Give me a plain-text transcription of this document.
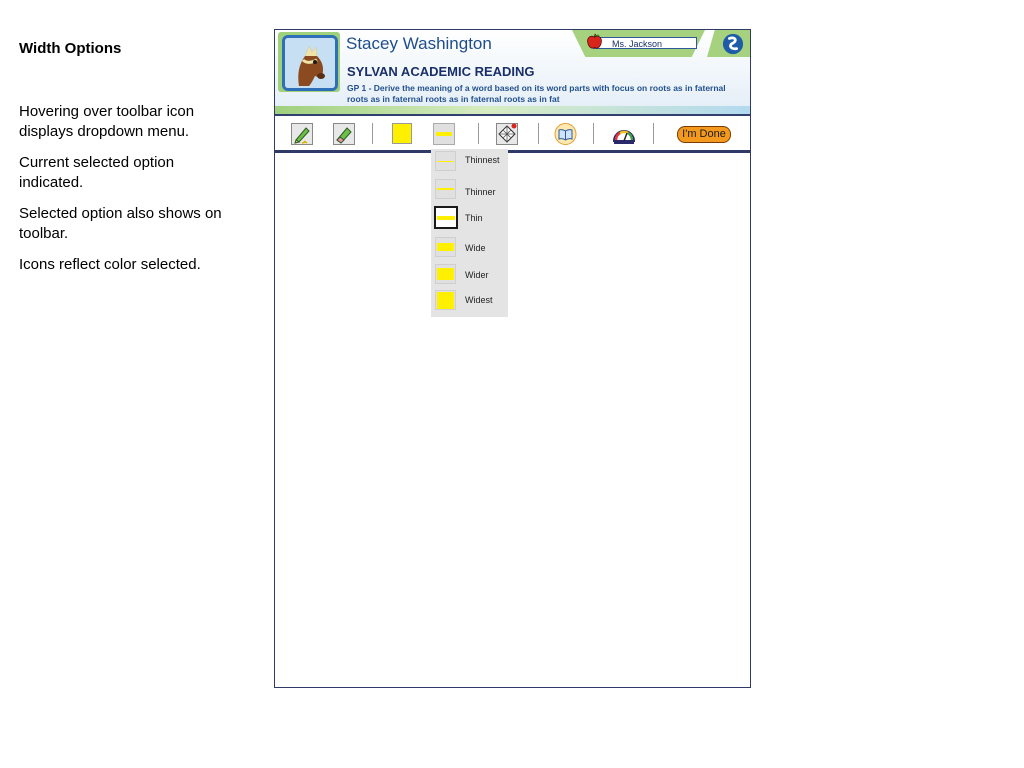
Width Options

Hovering over toolbar icon displays dropdown menu.

Current selected option indicated.

Selected option also shows on toolbar.

Icons reflect color selected.

Stacey Washington
SYLVAN ACADEMIC READING
GP 1 - Derive the meaning of a word based on its word parts with focus on roots as in faternal roots as in faternal roots as in faternal roots as in fat
Ms. Jackson
I'm Done
Thinnest
Thinner
Thin
Wide
Wider
Widest
